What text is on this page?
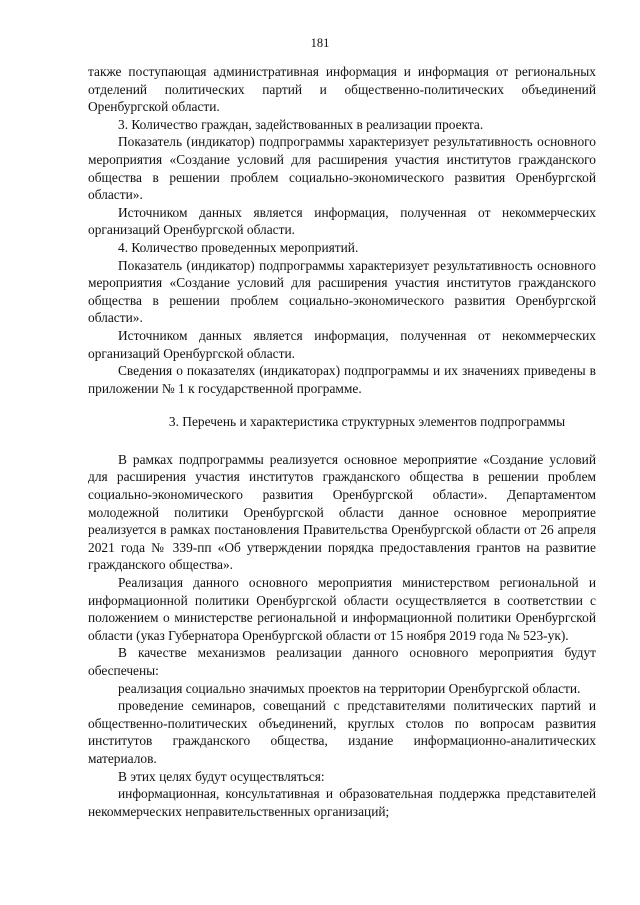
181

также поступающая административная информация и информация от региональных отделений политических партий и общественно-политических объединений Оренбургской области.

3. Количество граждан, задействованных в реализации проекта.

Показатель (индикатор) подпрограммы характеризует результативность основного мероприятия «Создание условий для расширения участия институтов гражданского общества в решении проблем социально-экономического развития Оренбургской области».

Источником данных является информация, полученная от некоммерческих организаций Оренбургской области.

4. Количество проведенных мероприятий.

Показатель (индикатор) подпрограммы характеризует результативность основного мероприятия «Создание условий для расширения участия институтов гражданского общества в решении проблем социально-экономического развития Оренбургской области».

Источником данных является информация, полученная от некоммерческих организаций Оренбургской области.

Сведения о показателях (индикаторах) подпрограммы и их значениях приведены в приложении № 1 к государственной программе.

3. Перечень и характеристика структурных элементов подпрограммы

В рамках подпрограммы реализуется основное мероприятие «Создание условий для расширения участия институтов гражданского общества в решении проблем социально-экономического развития Оренбургской области». Департаментом молодежной политики Оренбургской области данное основное мероприятие реализуется в рамках постановления Правительства Оренбургской области от 26 апреля 2021 года № 339-пп «Об утверждении порядка предоставления грантов на развитие гражданского общества».

Реализация данного основного мероприятия министерством региональной и информационной политики Оренбургской области осуществляется в соответствии с положением о министерстве региональной и информационной политики Оренбургской области (указ Губернатора Оренбургской области от 15 ноября 2019 года № 523-ук).

В качестве механизмов реализации данного основного мероприятия будут обеспечены:

реализация социально значимых проектов на территории Оренбургской области.

проведение семинаров, совещаний с представителями политических партий и общественно-политических объединений, круглых столов по вопросам развития институтов гражданского общества, издание информационно-аналитических материалов.

В этих целях будут осуществляться:

информационная, консультативная и образовательная поддержка представителей некоммерческих неправительственных организаций;
